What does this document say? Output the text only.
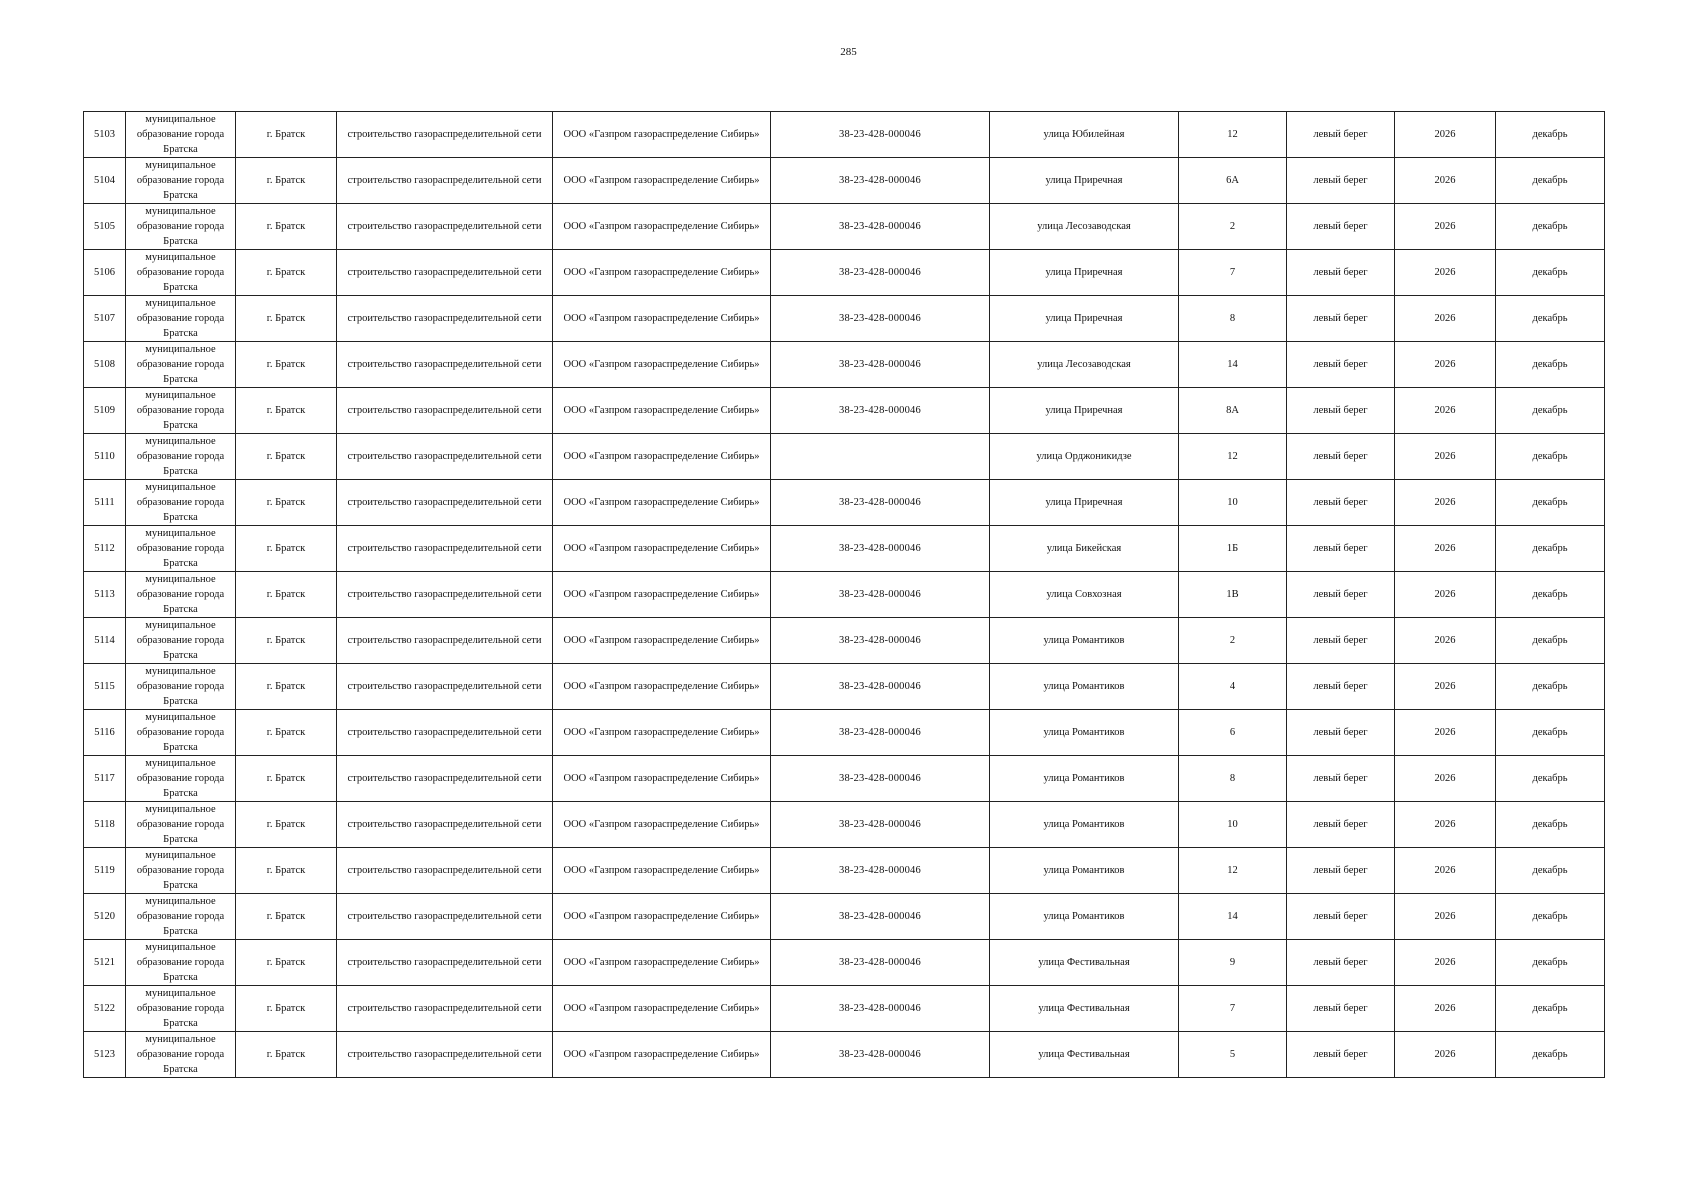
285
5103	муниципальное образование города Братска	г. Братск	строительство газораспределительной сети	ООО «Газпром газораспределение Сибирь»	38-23-428-000046	улица Юбилейная	12	левый берег	2026	декабрь
5104	муниципальное образование города Братска	г. Братск	строительство газораспределительной сети	ООО «Газпром газораспределение Сибирь»	38-23-428-000046	улица Приречная	6А	левый берег	2026	декабрь
5105	муниципальное образование города Братска	г. Братск	строительство газораспределительной сети	ООО «Газпром газораспределение Сибирь»	38-23-428-000046	улица Лесозаводская	2	левый берег	2026	декабрь
5106	муниципальное образование города Братска	г. Братск	строительство газораспределительной сети	ООО «Газпром газораспределение Сибирь»	38-23-428-000046	улица Приречная	7	левый берег	2026	декабрь
5107	муниципальное образование города Братска	г. Братск	строительство газораспределительной сети	ООО «Газпром газораспределение Сибирь»	38-23-428-000046	улица Приречная	8	левый берег	2026	декабрь
5108	муниципальное образование города Братска	г. Братск	строительство газораспределительной сети	ООО «Газпром газораспределение Сибирь»	38-23-428-000046	улица Лесозаводская	14	левый берег	2026	декабрь
5109	муниципальное образование города Братска	г. Братск	строительство газораспределительной сети	ООО «Газпром газораспределение Сибирь»	38-23-428-000046	улица Приречная	8А	левый берег	2026	декабрь
5110	муниципальное образование города Братска	г. Братск	строительство газораспределительной сети	ООО «Газпром газораспределение Сибирь»		улица Орджоникидзе	12	левый берег	2026	декабрь
5111	муниципальное образование города Братска	г. Братск	строительство газораспределительной сети	ООО «Газпром газораспределение Сибирь»	38-23-428-000046	улица Приречная	10	левый берег	2026	декабрь
5112	муниципальное образование города Братска	г. Братск	строительство газораспределительной сети	ООО «Газпром газораспределение Сибирь»	38-23-428-000046	улица Бикейская	1Б	левый берег	2026	декабрь
5113	муниципальное образование города Братска	г. Братск	строительство газораспределительной сети	ООО «Газпром газораспределение Сибирь»	38-23-428-000046	улица Совхозная	1В	левый берег	2026	декабрь
5114	муниципальное образование города Братска	г. Братск	строительство газораспределительной сети	ООО «Газпром газораспределение Сибирь»	38-23-428-000046	улица Романтиков	2	левый берег	2026	декабрь
5115	муниципальное образование города Братска	г. Братск	строительство газораспределительной сети	ООО «Газпром газораспределение Сибирь»	38-23-428-000046	улица Романтиков	4	левый берег	2026	декабрь
5116	муниципальное образование города Братска	г. Братск	строительство газораспределительной сети	ООО «Газпром газораспределение Сибирь»	38-23-428-000046	улица Романтиков	6	левый берег	2026	декабрь
5117	муниципальное образование города Братска	г. Братск	строительство газораспределительной сети	ООО «Газпром газораспределение Сибирь»	38-23-428-000046	улица Романтиков	8	левый берег	2026	декабрь
5118	муниципальное образование города Братска	г. Братск	строительство газораспределительной сети	ООО «Газпром газораспределение Сибирь»	38-23-428-000046	улица Романтиков	10	левый берег	2026	декабрь
5119	муниципальное образование города Братска	г. Братск	строительство газораспределительной сети	ООО «Газпром газораспределение Сибирь»	38-23-428-000046	улица Романтиков	12	левый берег	2026	декабрь
5120	муниципальное образование города Братска	г. Братск	строительство газораспределительной сети	ООО «Газпром газораспределение Сибирь»	38-23-428-000046	улица Романтиков	14	левый берег	2026	декабрь
5121	муниципальное образование города Братска	г. Братск	строительство газораспределительной сети	ООО «Газпром газораспределение Сибирь»	38-23-428-000046	улица Фестивальная	9	левый берег	2026	декабрь
5122	муниципальное образование города Братска	г. Братск	строительство газораспределительной сети	ООО «Газпром газораспределение Сибирь»	38-23-428-000046	улица Фестивальная	7	левый берег	2026	декабрь
5123	муниципальное образование города Братска	г. Братск	строительство газораспределительной сети	ООО «Газпром газораспределение Сибирь»	38-23-428-000046	улица Фестивальная	5	левый берег	2026	декабрь
